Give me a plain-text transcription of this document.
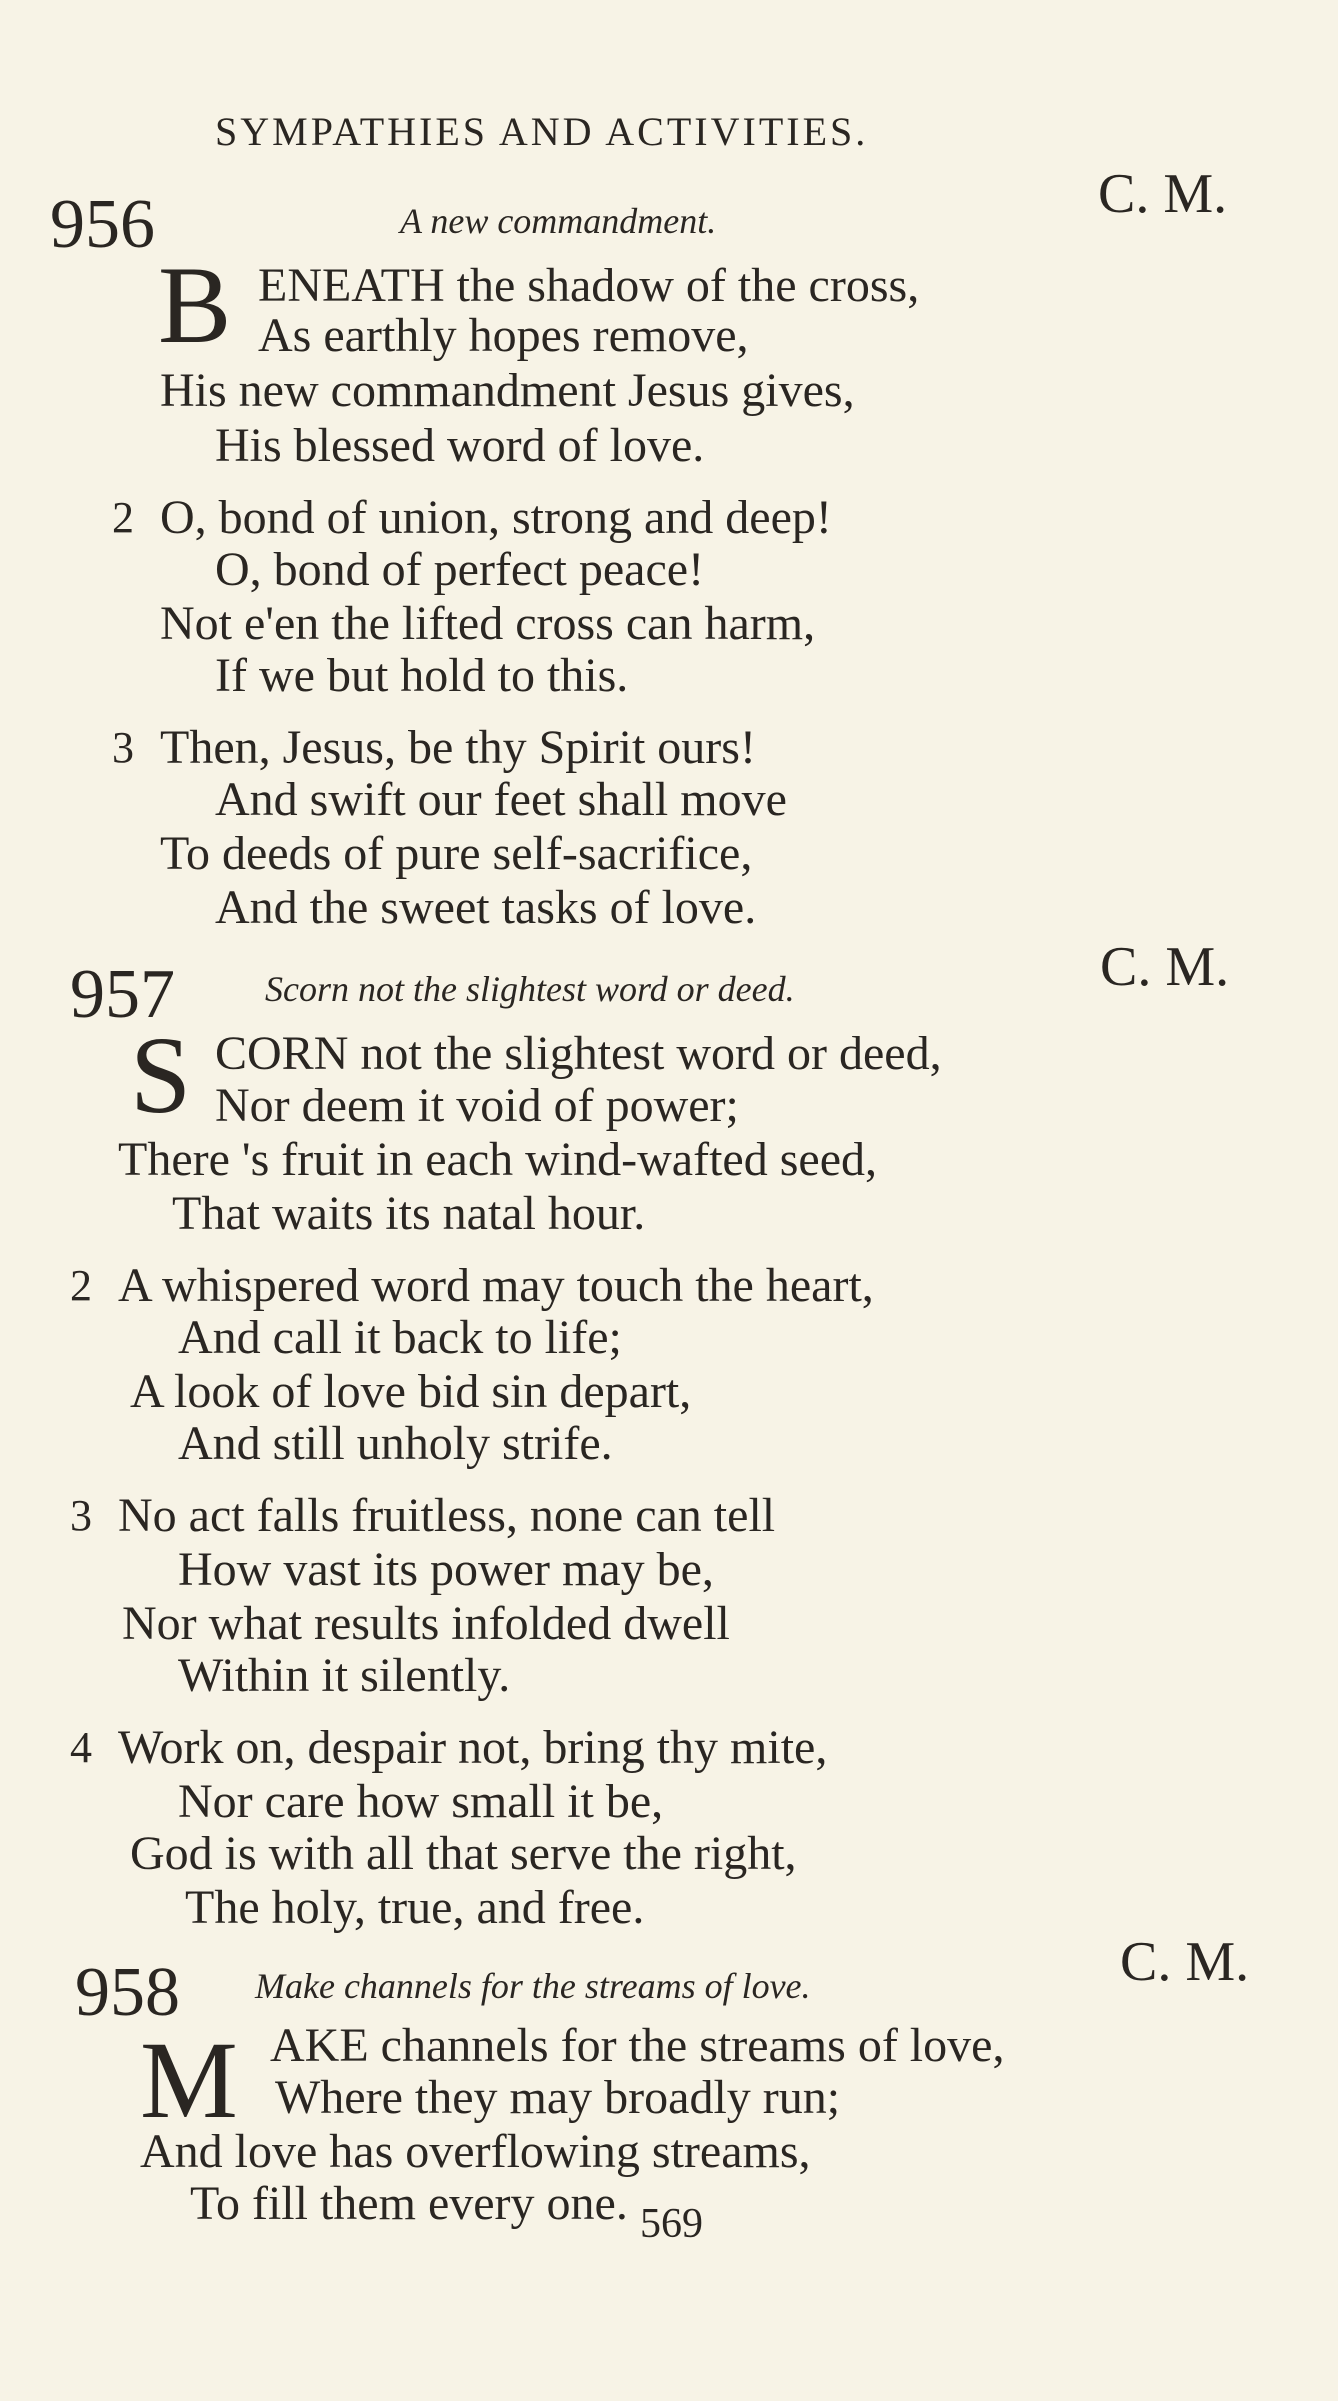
SYMPATHIES AND ACTIVITIES.
956	A new commandment.	C. M.
B ENEATH the shadow of the cross,
As earthly hopes remove,
His new commandment Jesus gives,
His blessed word of love.
2 O, bond of union, strong and deep!
O, bond of perfect peace!
Not e'en the lifted cross can harm,
If we but hold to this.
3 Then, Jesus, be thy Spirit ours!
And swift our feet shall move
To deeds of pure self-sacrifice,
And the sweet tasks of love.
957	Scorn not the slightest word or deed.	C. M.
S CORN not the slightest word or deed,
Nor deem it void of power;
There 's fruit in each wind-wafted seed,
That waits its natal hour.
2 A whispered word may touch the heart,
And call it back to life;
A look of love bid sin depart,
And still unholy strife.
3 No act falls fruitless, none can tell
How vast its power may be,
Nor what results infolded dwell
Within it silently.
4 Work on, despair not, bring thy mite,
Nor care how small it be,
God is with all that serve the right,
The holy, true, and free.
958 Make channels for the streams of love.	C. M.
M AKE channels for the streams of love,
Where they may broadly run;
And love has overflowing streams,
To fill them every one. 569
